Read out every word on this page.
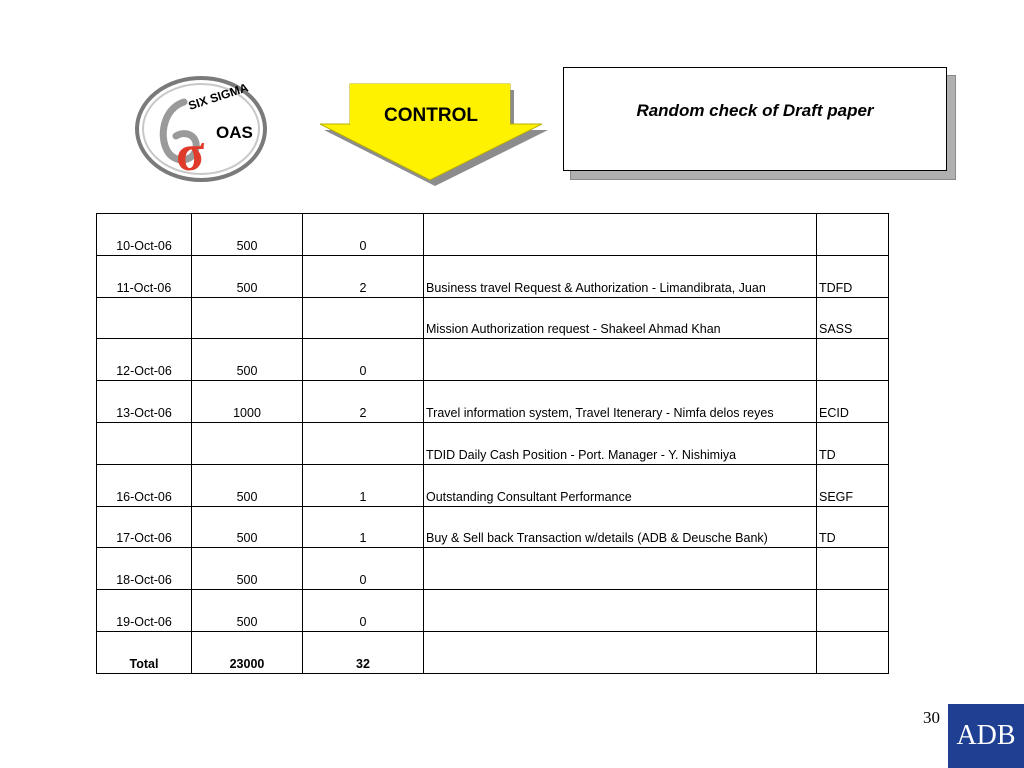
σ
SIX SIGMA
OAS
CONTROL	Random check of Draft paper
10-Oct-06	500	0		
11-Oct-06	500	2	Business travel Request & Authorization - Limandibrata, Juan	TDFD
			Mission Authorization request - Shakeel Ahmad Khan	SASS
12-Oct-06	500	0		
13-Oct-06	1000	2	Travel information system, Travel Itenerary - Nimfa delos reyes	ECID
			TDID Daily Cash Position - Port. Manager - Y. Nishimiya	TD
16-Oct-06	500	1	Outstanding Consultant Performance	SEGF
17-Oct-06	500	1	Buy & Sell back Transaction w/details (ADB & Deusche Bank)	TD
18-Oct-06	500	0		
19-Oct-06	500	0		
Total	23000	32		
30
ADB
